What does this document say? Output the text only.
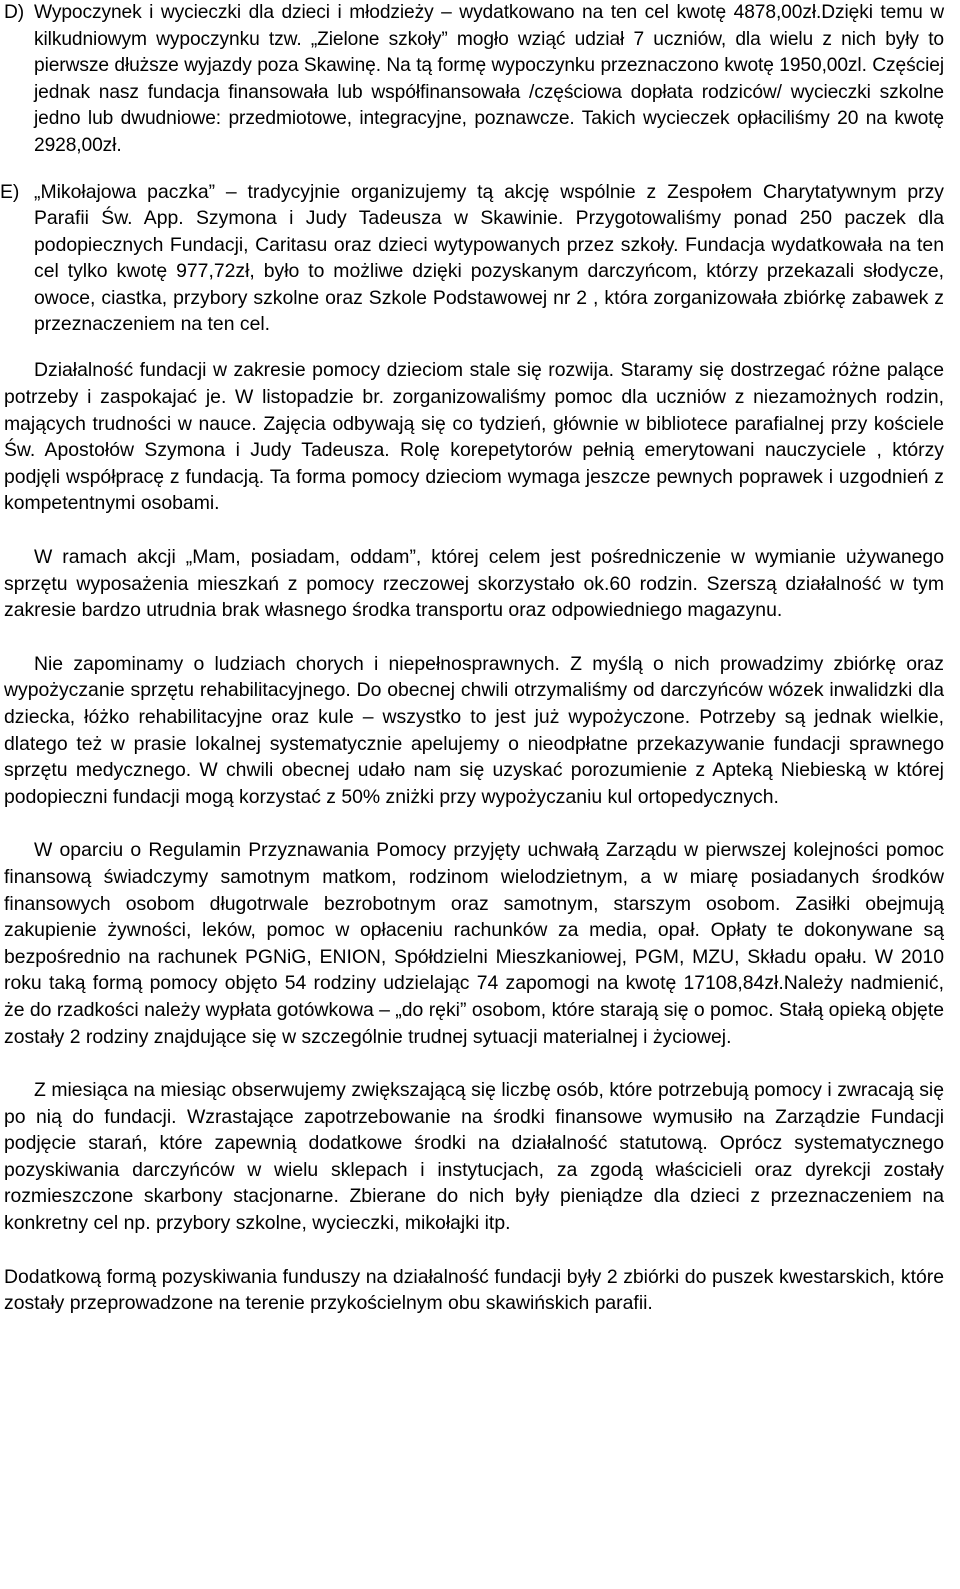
D) Wypoczynek i wycieczki dla dzieci i młodzieży – wydatkowano na ten cel kwotę 4878,00zł.Dzięki temu w kilkudniowym wypoczynku tzw. „Zielone szkoły” mogło wziąć udział 7 uczniów, dla wielu z nich były to pierwsze dłuższe wyjazdy poza Skawinę. Na tą formę wypoczynku przeznaczono kwotę 1950,00zl. Częściej jednak nasz fundacja finansowała lub współfinansowała /częściowa dopłata rodziców/ wycieczki szkolne jedno lub dwudniowe: przedmiotowe, integracyjne, poznawcze. Takich wycieczek opłaciliśmy 20 na kwotę 2928,00zł.
E) „Mikołajowa paczka” – tradycyjnie organizujemy tą akcję wspólnie z Zespołem Charytatywnym przy Parafii Św. App. Szymona i Judy Tadeusza w Skawinie. Przygotowaliśmy ponad 250 paczek dla podopiecznych Fundacji, Caritasu oraz dzieci wytypowanych przez szkoły. Fundacja wydatkowała na ten cel tylko kwotę 977,72zł, było to możliwe dzięki pozyskanym darczyńcom, którzy przekazali słodycze, owoce, ciastka, przybory szkolne oraz Szkole Podstawowej nr 2 , która zorganizowała zbiórkę zabawek z przeznaczeniem na ten cel.

Działalność fundacji w zakresie pomocy dzieciom stale się rozwija. Staramy się dostrzegać różne palące potrzeby i zaspokajać je. W listopadzie br. zorganizowaliśmy pomoc dla uczniów z niezamożnych rodzin, mających trudności w nauce. Zajęcia odbywają się co tydzień, głównie w bibliotece parafialnej przy kościele Św. Apostołów Szymona i Judy Tadeusza. Rolę korepetytorów pełnią emerytowani nauczyciele , którzy podjęli współpracę z fundacją. Ta forma pomocy dzieciom wymaga jeszcze pewnych poprawek i uzgodnień z kompetentnymi osobami.

W ramach akcji „Mam, posiadam, oddam”, której celem jest pośredniczenie w wymianie używanego sprzętu wyposażenia mieszkań z pomocy rzeczowej skorzystało ok.60 rodzin. Szerszą działalność w tym zakresie bardzo utrudnia brak własnego środka transportu oraz odpowiedniego magazynu.

Nie zapominamy o ludziach chorych i niepełnosprawnych. Z myślą o nich prowadzimy zbiórkę oraz wypożyczanie sprzętu rehabilitacyjnego. Do obecnej chwili otrzymaliśmy od darczyńców wózek inwalidzki dla dziecka, łóżko rehabilitacyjne oraz kule – wszystko to jest już wypożyczone. Potrzeby są jednak wielkie, dlatego też w prasie lokalnej systematycznie apelujemy o nieodpłatne przekazywanie fundacji sprawnego sprzętu medycznego. W chwili obecnej udało nam się uzyskać porozumienie z Apteką Niebieską w której podopieczni fundacji mogą korzystać z 50% zniżki przy wypożyczaniu kul ortopedycznych.

W oparciu o Regulamin Przyznawania Pomocy przyjęty uchwałą Zarządu w pierwszej kolejności pomoc finansową świadczymy samotnym matkom, rodzinom wielodzietnym, a w miarę posiadanych środków finansowych osobom długotrwale bezrobotnym oraz samotnym, starszym osobom. Zasiłki obejmują zakupienie żywności, leków, pomoc w opłaceniu rachunków za media, opał. Opłaty te dokonywane są bezpośrednio na rachunek PGNiG, ENION, Spółdzielni Mieszkaniowej, PGM, MZU, Składu opału. W 2010 roku taką formą pomocy objęto 54 rodziny udzielając 74 zapomogi na kwotę 17108,84zł.Należy nadmienić, że do rzadkości należy wypłata gotówkowa – „do ręki” osobom, które starają się o pomoc. Stałą opieką objęte zostały 2 rodziny znajdujące się w szczególnie trudnej sytuacji materialnej i życiowej.

Z miesiąca na miesiąc obserwujemy zwiększającą się liczbę osób, które potrzebują pomocy i zwracają się po nią do fundacji. Wzrastające zapotrzebowanie na środki finansowe wymusiło na Zarządzie Fundacji podjęcie starań, które zapewnią dodatkowe środki na działalność statutową. Oprócz systematycznego pozyskiwania darczyńców w wielu sklepach i instytucjach, za zgodą właścicieli oraz dyrekcji zostały rozmieszczone skarbony stacjonarne. Zbierane do nich były pieniądze dla dzieci z przeznaczeniem na konkretny cel np. przybory szkolne, wycieczki, mikołajki itp.

Dodatkową formą pozyskiwania funduszy na działalność fundacji były 2 zbiórki do puszek kwestarskich, które zostały przeprowadzone na terenie przykościelnym obu skawińskich parafii.
